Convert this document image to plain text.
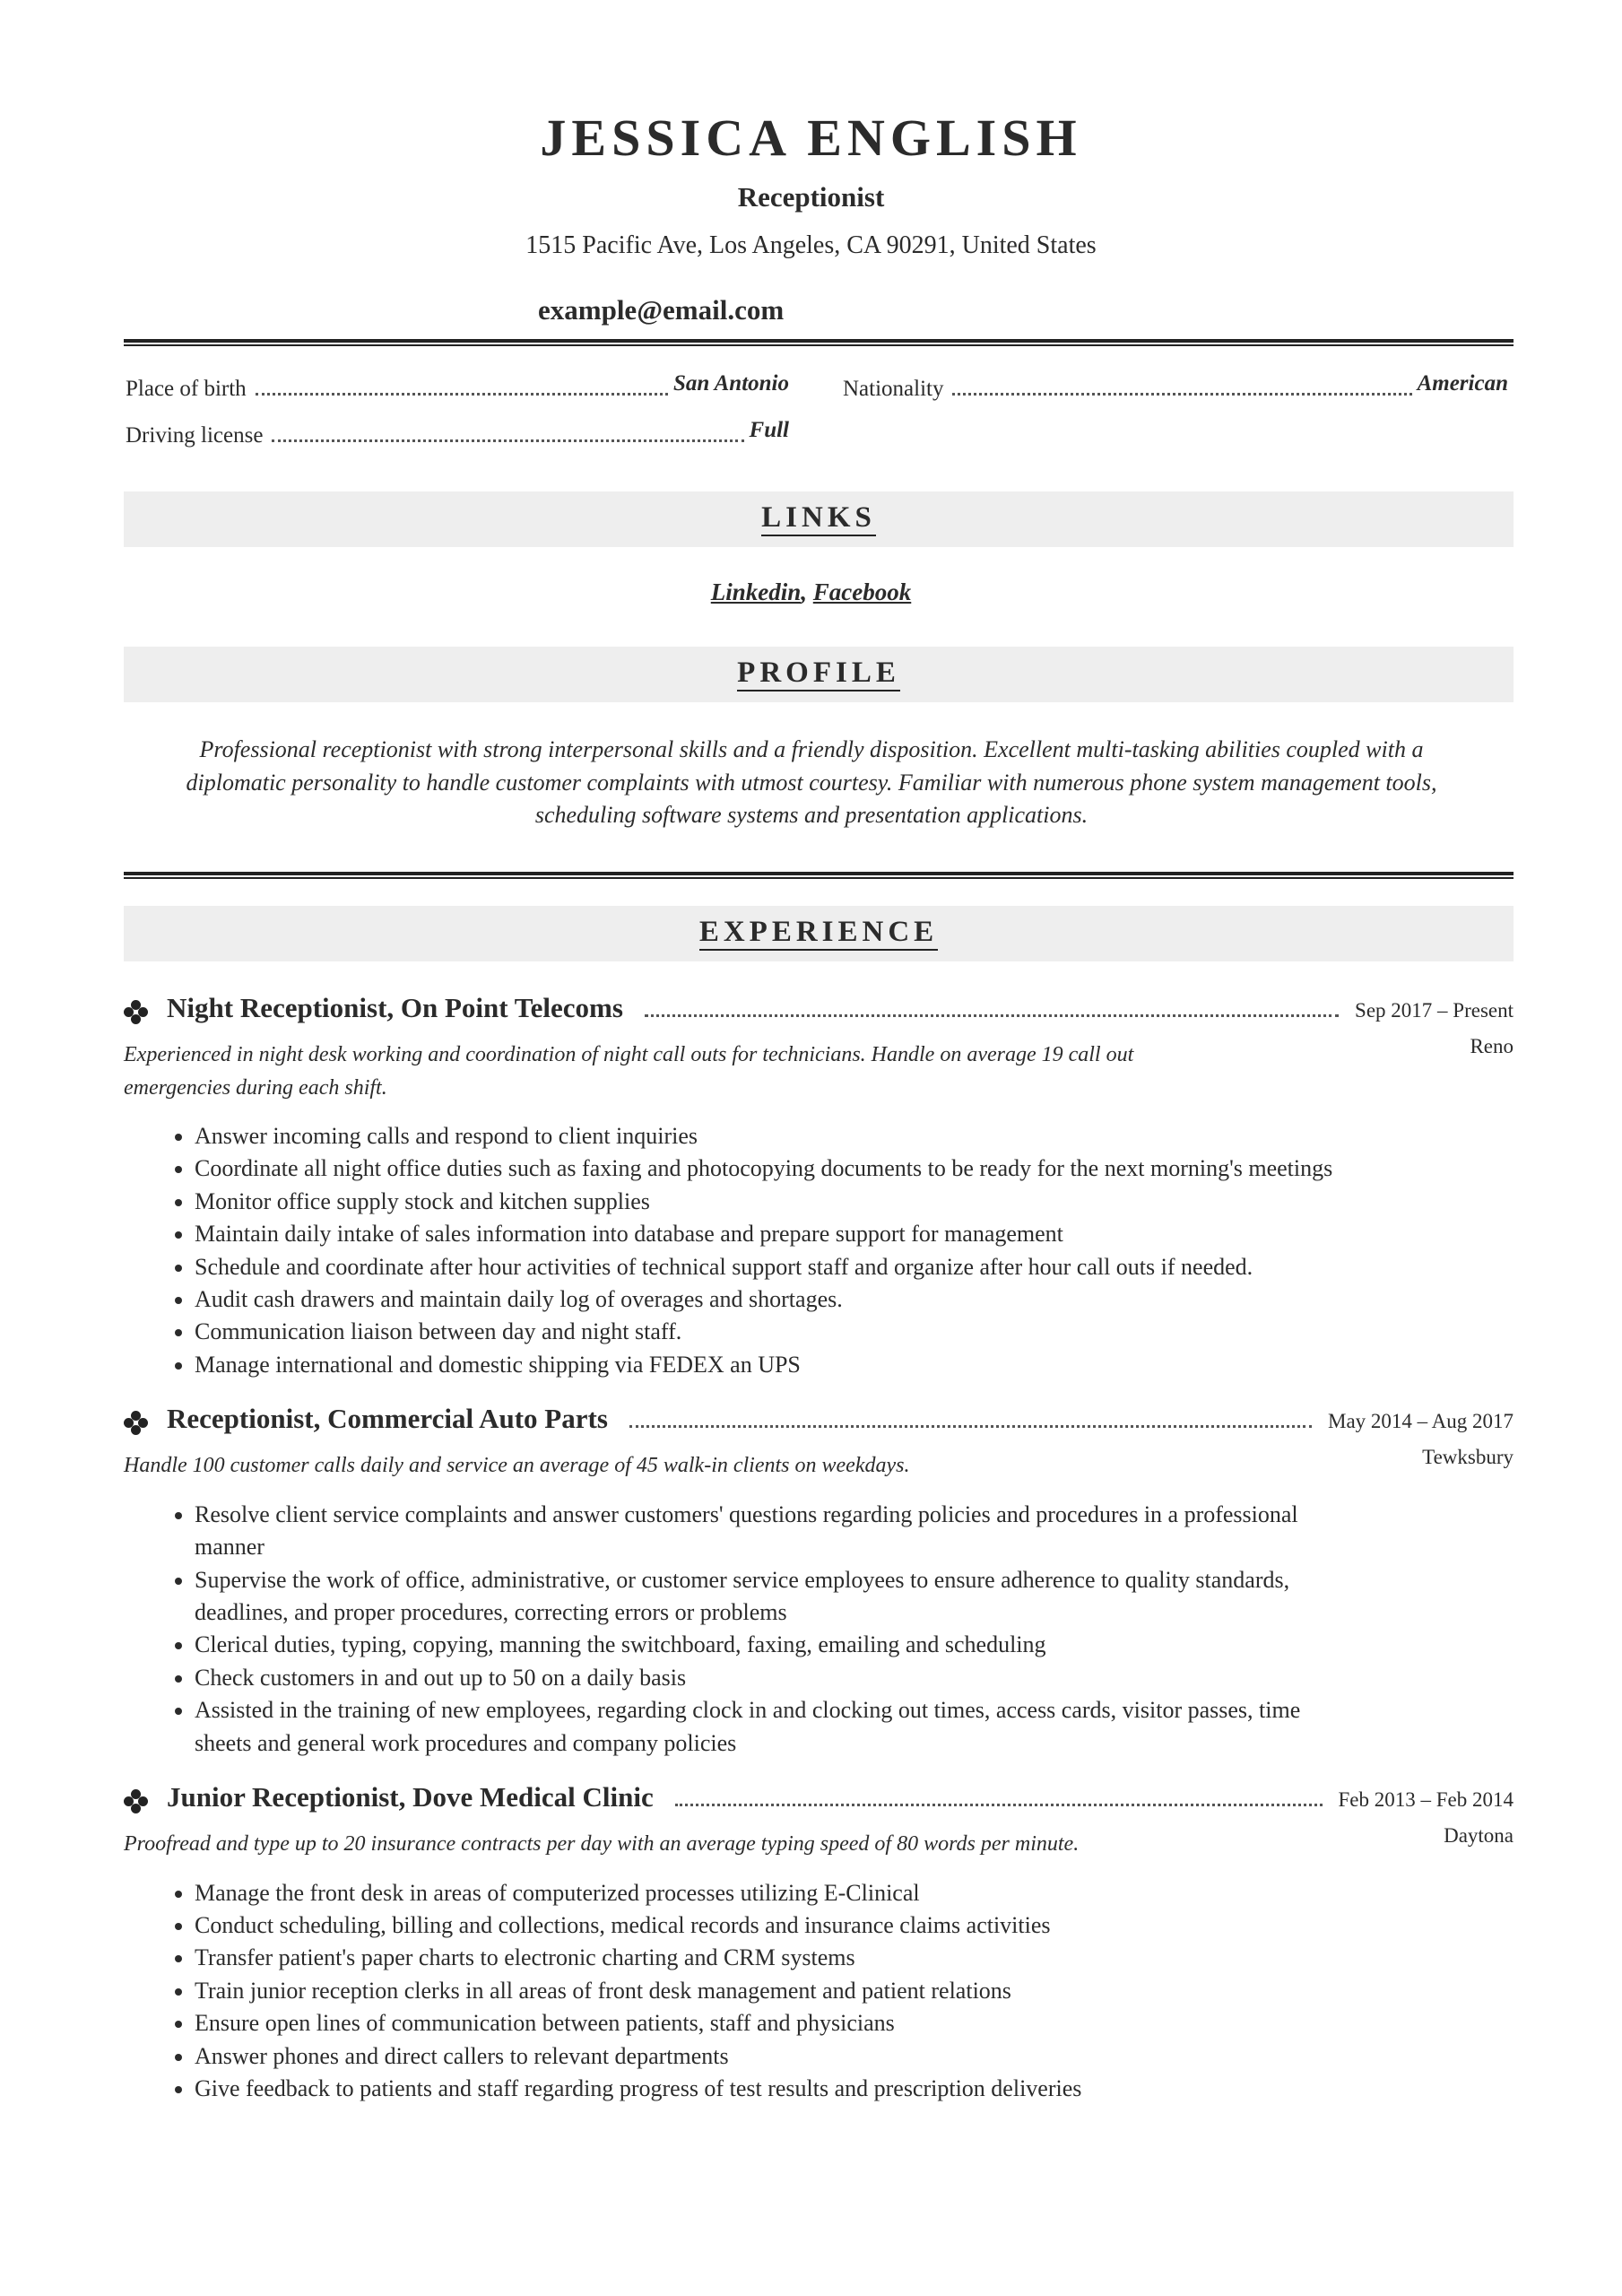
JESSICA ENGLISH
Receptionist
1515 Pacific Ave, Los Angeles, CA 90291, United States
example@email.com
Place of birth	San Antonio Nationality	American
Driving license	Full
LINKS
Linkedin, Facebook
PROFILE
Professional receptionist with strong interpersonal skills and a friendly disposition. Excellent multi-tasking abilities coupled with a diplomatic personality to handle customer complaints with utmost courtesy. Familiar with numerous phone system management tools, scheduling software systems and presentation applications.
EXPERIENCE
Night Receptionist, On Point Telecoms	Sep 2017 – Present
Reno
Experienced in night desk working and coordination of night call outs for technicians. Handle on average 19 call out emergencies during each shift.
• Answer incoming calls and respond to client inquiries
• Coordinate all night office duties such as faxing and photocopying documents to be ready for the next morning's meetings
• Monitor office supply stock and kitchen supplies
• Maintain daily intake of sales information into database and prepare support for management
• Schedule and coordinate after hour activities of technical support staff and organize after hour call outs if needed.
• Audit cash drawers and maintain daily log of overages and shortages.
• Communication liaison between day and night staff.
• Manage international and domestic shipping via FEDEX an UPS
Receptionist, Commercial Auto Parts	May 2014 – Aug 2017
Tewksbury
Handle 100 customer calls daily and service an average of 45 walk-in clients on weekdays.
• Resolve client service complaints and answer customers' questions regarding policies and procedures in a professional manner
• Supervise the work of office, administrative, or customer service employees to ensure adherence to quality standards, deadlines, and proper procedures, correcting errors or problems
• Clerical duties, typing, copying, manning the switchboard, faxing, emailing and scheduling
• Check customers in and out up to 50 on a daily basis
• Assisted in the training of new employees, regarding clock in and clocking out times, access cards, visitor passes, time sheets and general work procedures and company policies
Junior Receptionist, Dove Medical Clinic	Feb 2013 – Feb 2014
Daytona
Proofread and type up to 20 insurance contracts per day with an average typing speed of 80 words per minute.
• Manage the front desk in areas of computerized processes utilizing E-Clinical
• Conduct scheduling, billing and collections, medical records and insurance claims activities
• Transfer patient's paper charts to electronic charting and CRM systems
• Train junior reception clerks in all areas of front desk management and patient relations
• Ensure open lines of communication between patients, staff and physicians
• Answer phones and direct callers to relevant departments
• Give feedback to patients and staff regarding progress of test results and prescription deliveries
